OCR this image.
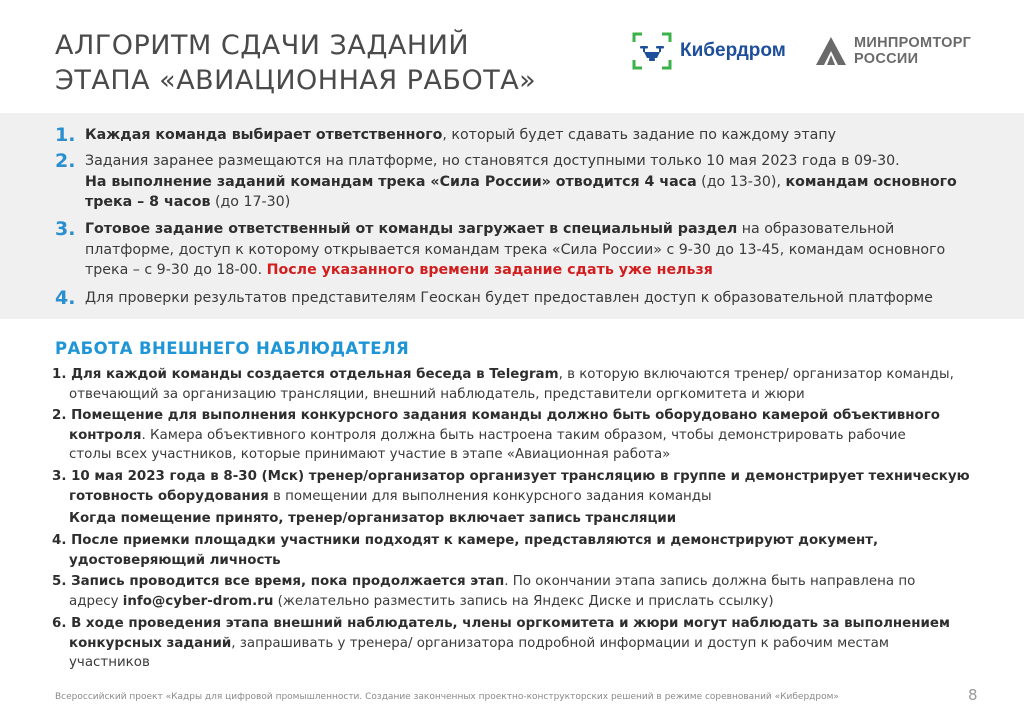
АЛГОРИТМ СДАЧИ ЗАДАНИЙ
ЭТАПА «АВИАЦИОННАЯ РАБОТА»
Кибердром	МИНПРОМТОРГ
РОССИИ
1. Каждая команда выбирает ответственного, который будет сдавать задание по каждому этапу
2. Задания заранее размещаются на платформе, но становятся доступными только 10 мая 2023 года в 09-30.
На выполнение заданий командам трека «Сила России» отводится 4 часа (до 13-30), командам основного
трека – 8 часов (до 17-30)
3. Готовое задание ответственный от команды загружает в специальный раздел на образовательной
платформе, доступ к которому открывается командам трека «Сила России» с 9-30 до 13-45, командам основного
трека – с 9-30 до 18-00. После указанного времени задание сдать уже нельзя
4. Для проверки результатов представителям Геоскан будет предоставлен доступ к образовательной платформе
РАБОТА ВНЕШНЕГО НАБЛЮДАТЕЛЯ
1. Для каждой команды создается отдельная беседа в Telegram, в которую включаются тренер/ организатор команды,
отвечающий за организацию трансляции, внешний наблюдатель, представители оргкомитета и жюри
2. Помещение для выполнения конкурсного задания команды должно быть оборудовано камерой объективного
контроля. Камера объективного контроля должна быть настроена таким образом, чтобы демонстрировать рабочие
столы всех участников, которые принимают участие в этапе «Авиационная работа»
3. 10 мая 2023 года в 8-30 (Мск) тренер/организатор организует трансляцию в группе и демонстрирует техническую
готовность оборудования в помещении для выполнения конкурсного задания команды
Когда помещение принято, тренер/организатор включает запись трансляции
4. После приемки площадки участники подходят к камере, представляются и демонстрируют документ,
удостоверяющий личность
5. Запись проводится все время, пока продолжается этап. По окончании этапа запись должна быть направлена по
адресу info@cyber-drom.ru (желательно разместить запись на Яндекс Диске и прислать ссылку)
6. В ходе проведения этапа внешний наблюдатель, члены оргкомитета и жюри могут наблюдать за выполнением
конкурсных заданий, запрашивать у тренера/ организатора подробной информации и доступ к рабочим местам
участников
Всероссийский проект «Кадры для цифровой промышленности. Создание законченных проектно-конструкторских решений в режиме соревнований «Кибердром»	8
